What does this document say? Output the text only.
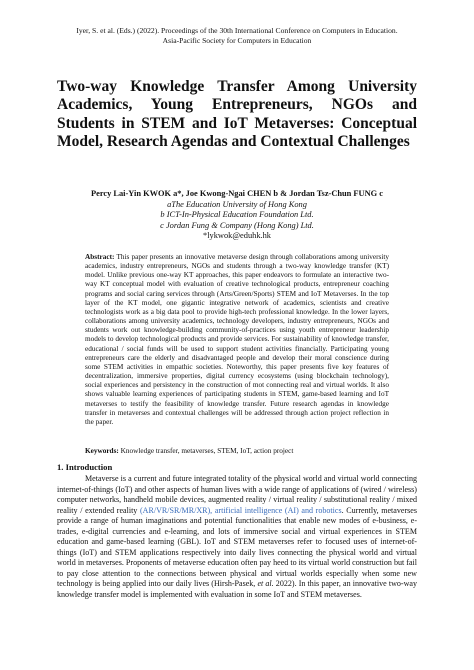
Iyer, S. et al. (Eds.) (2022). Proceedings of the 30th International Conference on Computers in Education.
Asia-Pacific Society for Computers in Education
Two-way Knowledge Transfer Among University Academics, Young Entrepreneurs, NGOs and Students in STEM and IoT Metaverses: Conceptual Model, Research Agendas and Contextual Challenges
Percy Lai-Yin KWOK a*, Joe Kwong-Ngai CHEN b & Jordan Tsz-Chun FUNG c
aThe Education University of Hong Kong
b ICT-In-Physical Education Foundation Ltd.
c Jordan Fung & Company (Hong Kong) Ltd.
*lykwok@eduhk.hk
Abstract: This paper presents an innovative metaverse design through collaborations among university academics, industry entrepreneurs, NGOs and students through a two-way knowledge transfer (KT) model. Unlike previous one-way KT approaches, this paper endeavors to formulate an interactive two-way KT conceptual model with evaluation of creative technological products, entrepreneur coaching programs and social caring services through (Arts/Green/Sports) STEM and IoT Metaverses. In the top layer of the KT model, one gigantic integrative network of academics, scientists and creative technologists work as a big data pool to provide high-tech professional knowledge. In the lower layers, collaborations among university academics, technology developers, industry entrepreneurs, NGOs and students work out knowledge-building community-of-practices using youth entrepreneur leadership models to develop technological products and provide services. For sustainability of knowledge transfer, educational / social funds will be used to support student activities financially. Participating young entrepreneurs care the elderly and disadvantaged people and develop their moral conscience during some STEM activities in empathic societies. Noteworthy, this paper presents five key features of decentralization, immersive properties, digital currency ecosystems (using blockchain technology), social experiences and persistency in the construction of mot connecting real and virtual worlds. It also shows valuable learning experiences of participating students in STEM, game-based learning and IoT metaverses to testify the feasibility of knowledge transfer. Future research agendas in knowledge transfer in metaverses and contextual challenges will be addressed through action project reflection in the paper.
Keywords: Knowledge transfer, metaverses, STEM, IoT, action project
1. Introduction
Metaverse is a current and future integrated totality of the physical world and virtual world connecting internet-of-things (IoT) and other aspects of human lives with a wide range of applications of (wired / wireless) computer networks, handheld mobile devices, augmented reality / virtual reality / substitutional reality / mixed reality / extended reality (AR/VR/SR/MR/XR), artificial intelligence (AI) and robotics. Currently, metaverses provide a range of human imaginations and potential functionalities that enable new modes of e-business, e-trades, e-digital currencies and e-learning, and lots of immersive social and virtual experiences in STEM education and game-based learning (GBL). IoT and STEM metaverses refer to focused uses of internet-of-things (IoT) and STEM applications respectively into daily lives connecting the physical world and virtual world in metaverses. Proponents of metaverse education often pay heed to its virtual world construction but fail to pay close attention to the connections between physical and virtual worlds especially when some new technology is being applied into our daily lives (Hirsh-Pasek, et al. 2022). In this paper, an innovative two-way knowledge transfer model is implemented with evaluation in some IoT and STEM metaverses.
